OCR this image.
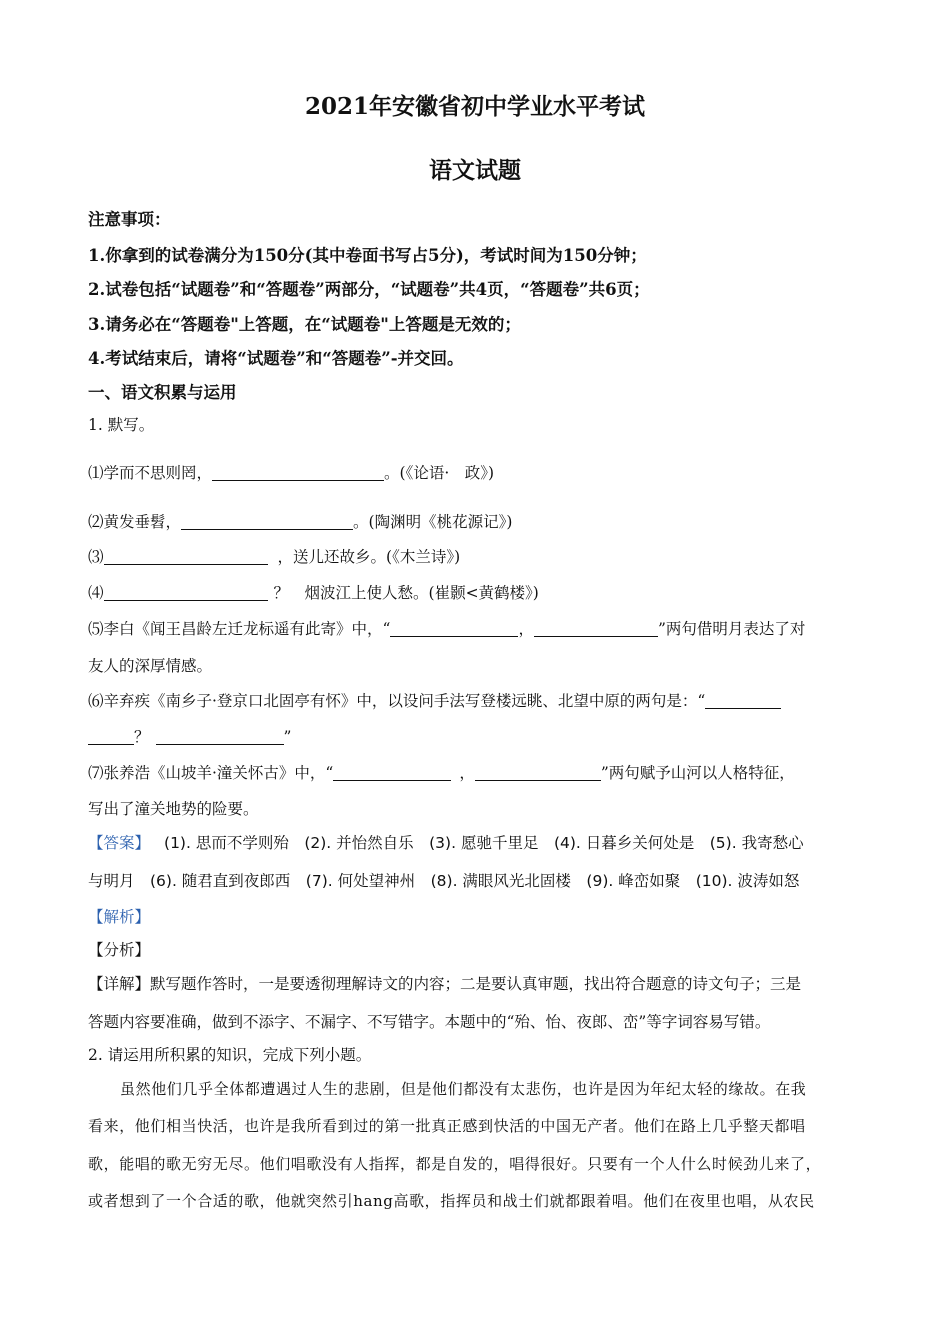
2021年安徽省初中学业水平考试
语文试题
注意事项：
1.你拿到的试卷满分为150分(其中卷面书写占5分)，考试时间为150分钟；
2.试卷包括“试题卷”和“答题卷”两部分，“试题卷”共4页，“答题卷”共6页；
3.请务必在“答题卷"上答题，在“试题卷"上答题是无效的；
4.考试结束后，请将“试题卷”和“答题卷”-并交回。
一、语文积累与运用
1. 默写。
⑴学而不思则罔，	。(《论语·　政》)
⑵黄发垂髫，	。(陶渊明《桃花源记》)
⑶	，送儿还故乡。(《木兰诗》)
⑷	？　烟波江上使人愁。(崔颢<黄鹤楼》)
⑸李白《闻王昌龄左迁龙标遥有此寄》中，“	，	”两句借明月表达了对
友人的深厚情感。
⑹辛弃疾《南乡子·登京口北固亭有怀》中，以设问手法写登楼远眺、北望中原的两句是：“
？	”
⑺张养浩《山坡羊·潼关怀古》中，“	，	”两句赋予山河以人格特征，
写出了潼关地势的险要。
【答案】 (1). 思而不学则殆　(2). 并怡然自乐　(3). 愿驰千里足　(4). 日暮乡关何处是　(5). 我寄愁心
与明月　(6). 随君直到夜郎西　(7). 何处望神州　(8). 满眼风光北固楼　(9). 峰峦如聚　(10). 波涛如怒
【解析】
【分析】
【详解】默写题作答时，一是要透彻理解诗文的内容；二是要认真审题，找出符合题意的诗文句子；三是
答题内容要准确，做到不添字、不漏字、不写错字。本题中的“殆、怡、夜郎、峦”等字词容易写错。
2. 请运用所积累的知识，完成下列小题。
虽然他们几乎全体都遭遇过人生的悲剧，但是他们都没有太悲伤，也许是因为年纪太轻的缘故。在我
看来，他们相当快活，也许是我所看到过的第一批真正感到快活的中国无产者。他们在路上几乎整天都唱
歌，能唱的歌无穷无尽。他们唱歌没有人指挥，都是自发的，唱得很好。只要有一个人什么时候劲儿来了，
或者想到了一个合适的歌，他就突然引hang高歌，指挥员和战士们就都跟着唱。他们在夜里也唱，从农民
